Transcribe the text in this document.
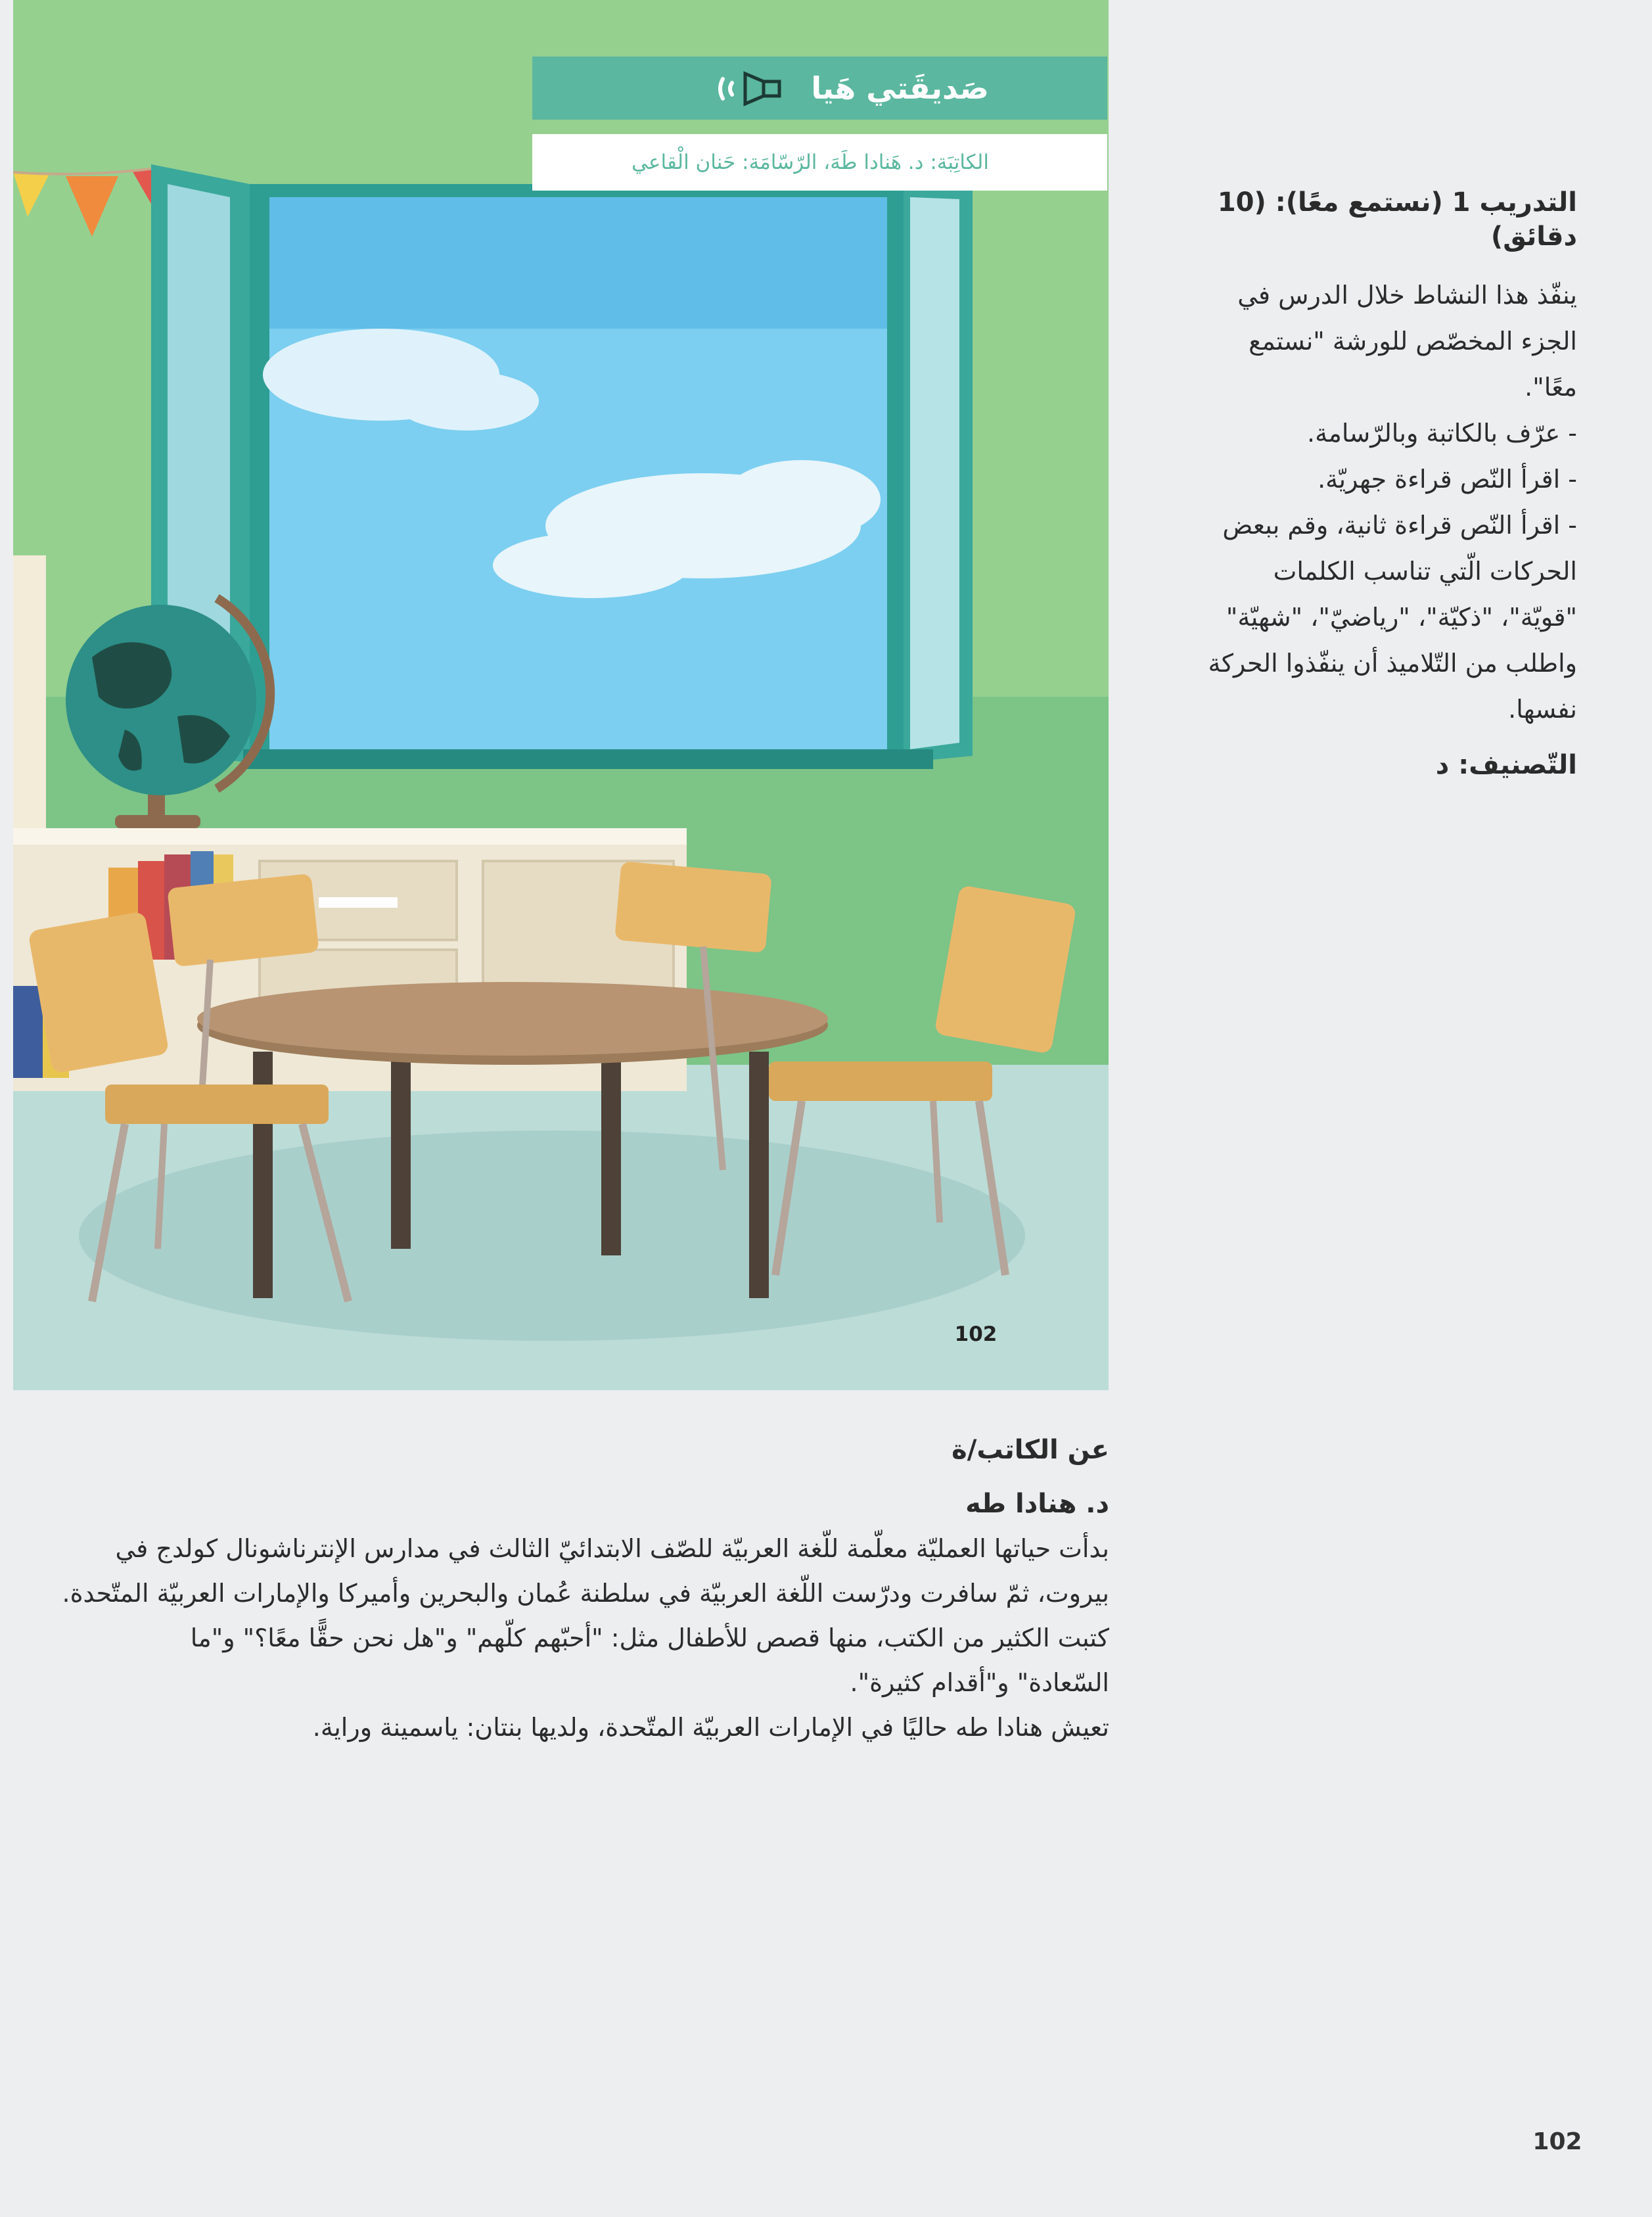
102
صَديقَتي هَيا
الكاتِبَة: د. هَنادا طَهَ، الرّسّامَة: حَنان الْقاعي
التدريب 1 (نستمع معًا): (10 دقائق)
ينفّذ هذا النشاط خلال الدرس في
الجزء المخصّص للورشة "نستمع
معًا".
- عرّف بالكاتبة وبالرّسامة.
- اقرأ النّص قراءة جهريّة.
- اقرأ النّص قراءة ثانية، وقم ببعض
الحركات الّتي تناسب الكلمات
"قويّة"، "ذكيّة"، "رياضيّ"، "شهيّة"
واطلب من التّلاميذ أن ينفّذوا الحركة
نفسها.
التّصنيف: د
عن الكاتب/ة
د. هنادا طه
بدأت حياتها العمليّة معلّمة للّغة العربيّة للصّف الابتدائيّ الثالث في مدارس الإنترناشونال كولدج في
بيروت، ثمّ سافرت ودرّست اللّغة العربيّة في سلطنة عُمان والبحرين وأميركا والإمارات العربيّة المتّحدة.
كتبت الكثير من الكتب، منها قصص للأطفال مثل: "أحبّهم كلّهم" و"هل نحن حقًّا معًا؟" و"ما
السّعادة" و"أقدام كثيرة".
تعيش هنادا طه حاليًا في الإمارات العربيّة المتّحدة، ولديها بنتان: ياسمينة وراية.
102
